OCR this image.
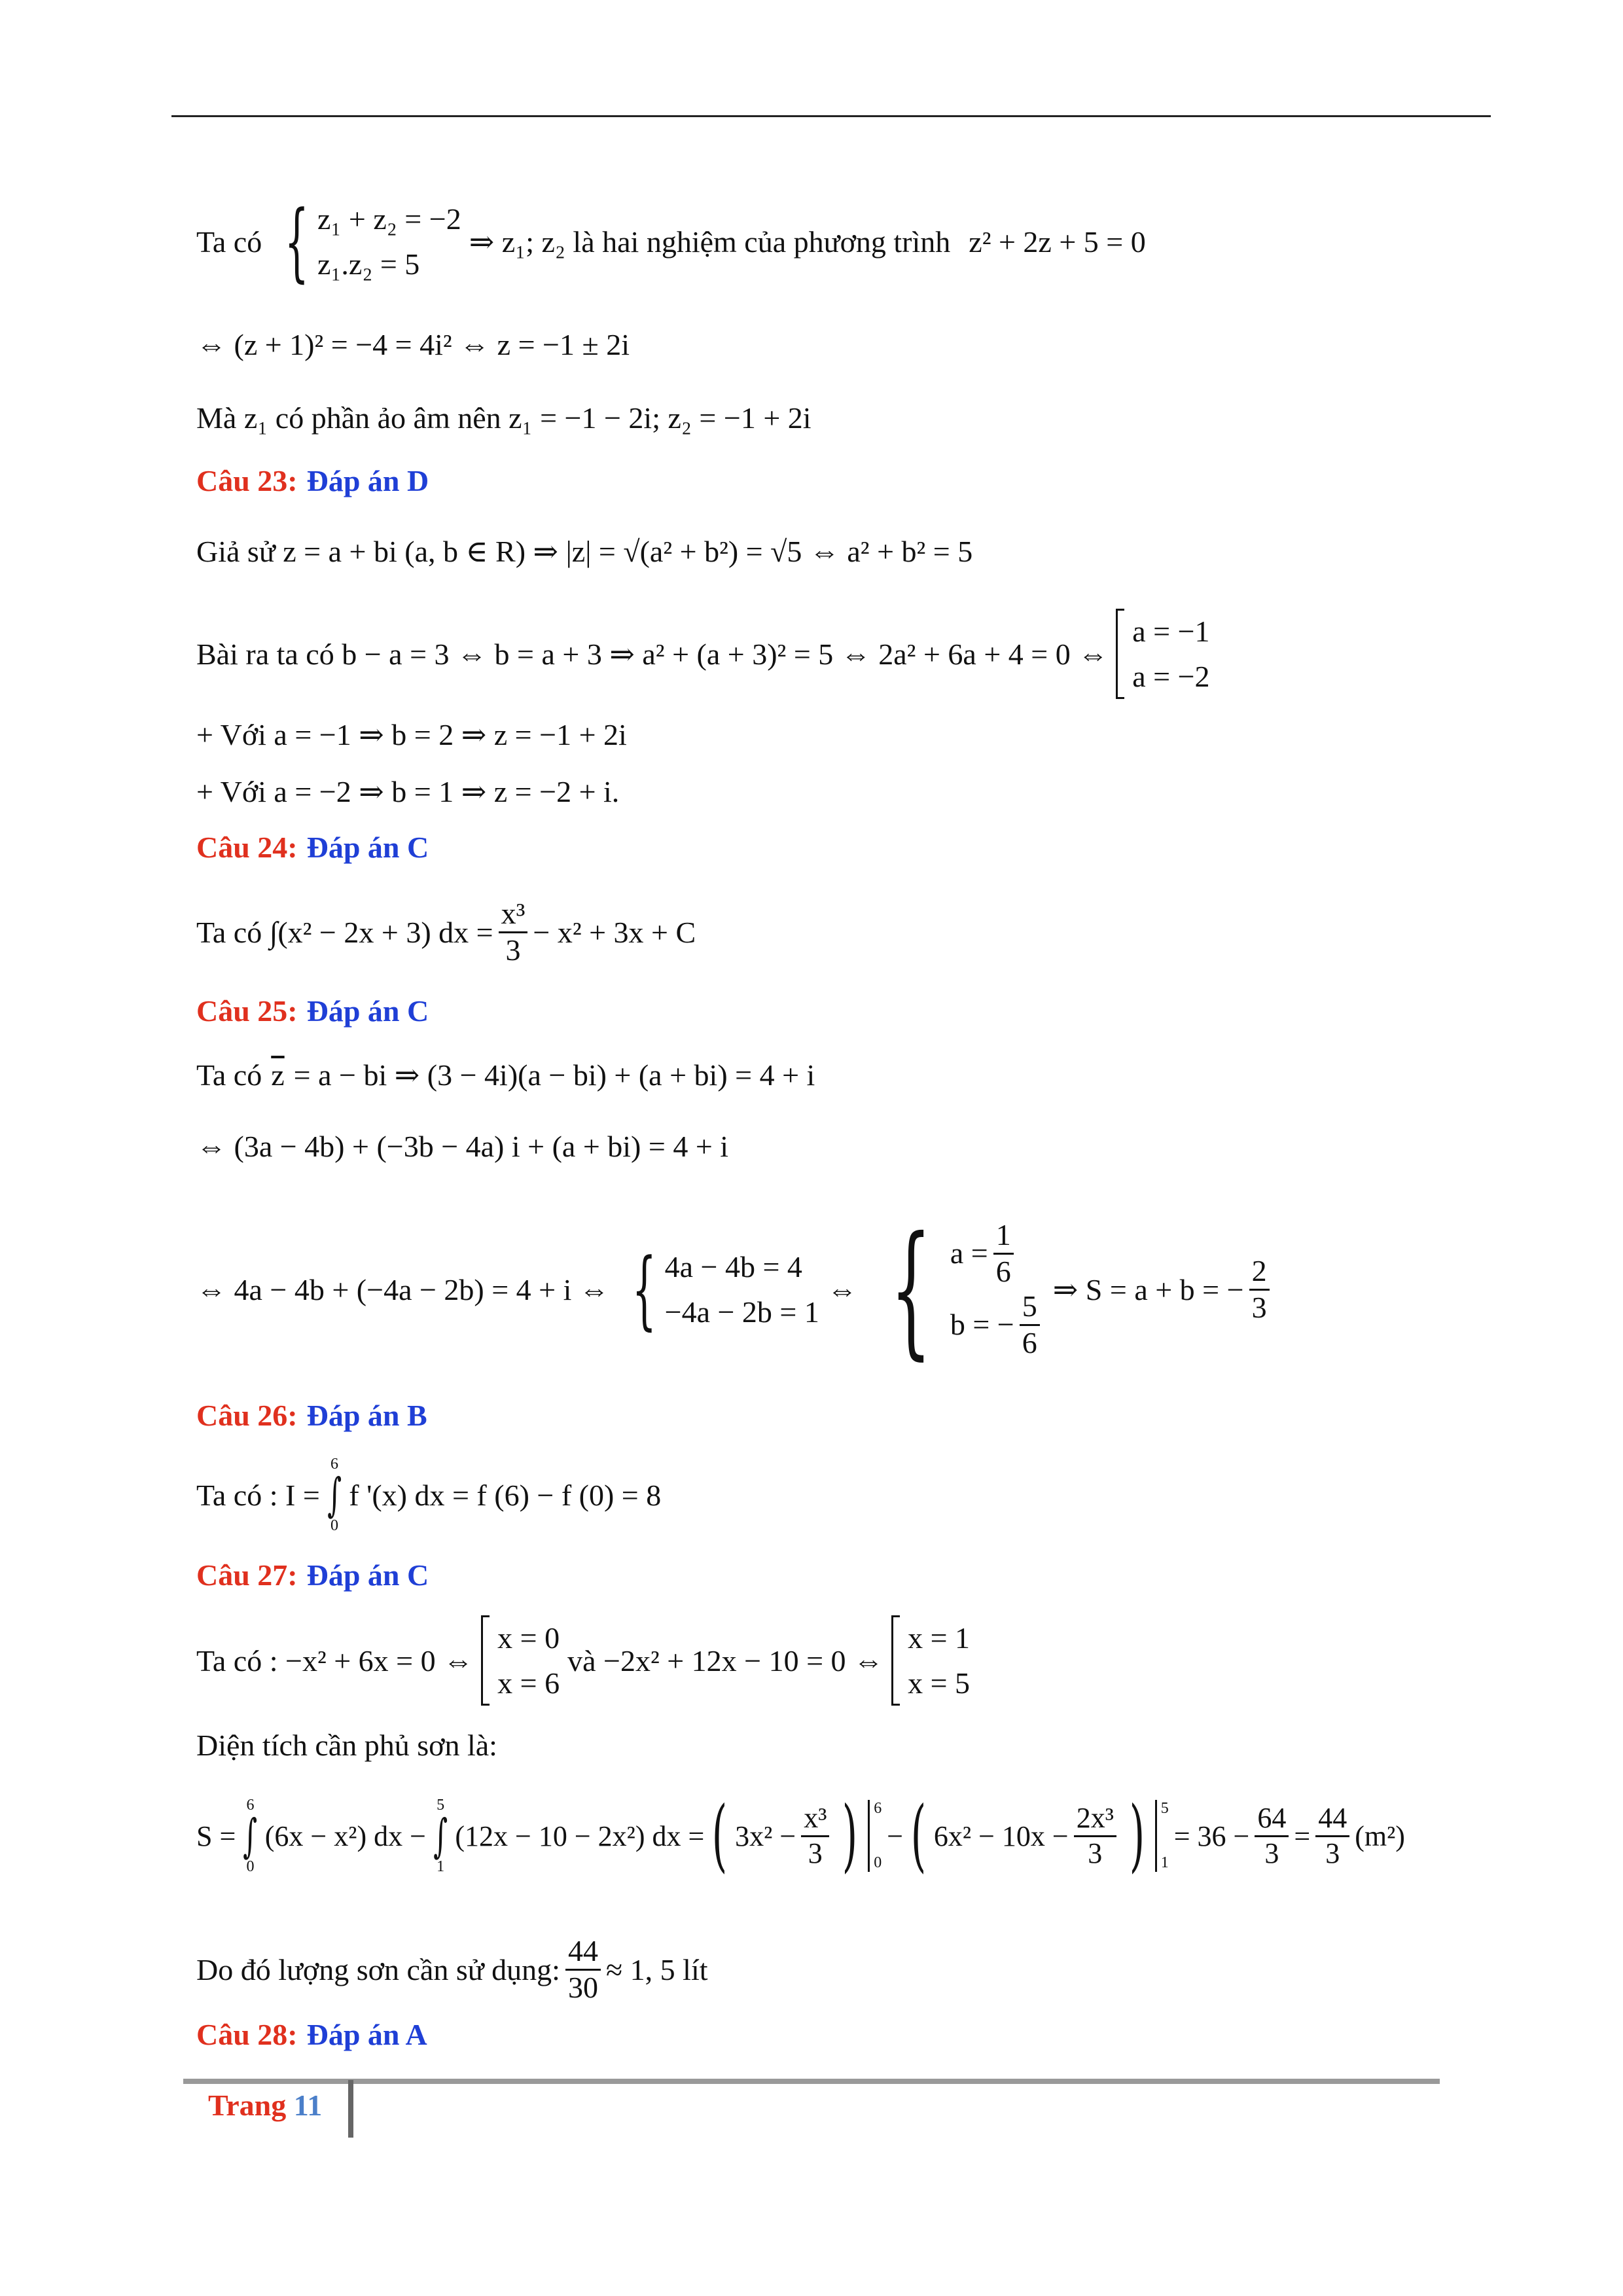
Ta có { z₁ + z₂ = −2
z₁.z₂ = 5
⇒ z₁; z₂ là hai nghiệm của phương trình z² + 2z + 5 = 0
⇔ (z + 1)² = −4 = 4i² ⇔ z = −1 ± 2i
Mà z₁ có phần ảo âm nên z₁ = −1 − 2i; z₂ = −1 + 2i
Câu 23: Đáp án D
Giả sử z = a + bi (a, b ∈ R) ⇒ |z| = √(a² + b²) = √5 ⇔ a² + b² = 5
Bài ra ta có b − a = 3 ⇔ b = a + 3 ⇒ a² + (a + 3)² = 5 ⇔ 2a² + 6a + 4 = 0 ⇔
a = −1
a = −2
+ Với a = −1 ⇒ b = 2 ⇒ z = −1 + 2i
+ Với a = −2 ⇒ b = 1 ⇒ z = −2 + i.
Câu 24: Đáp án C
Ta có ∫(x² − 2x + 3) dx = $\frac{\text{x³}}{3} - x^2 + 3x + C$
Câu 25: Đáp án C
Ta có $\overline{z} = a$ − bi ⇒ (3 − 4i)(a − bi) + (a + bi) = 4 + i
⇔ (3a − 4b) + (−3b − 4a) i + (a + bi) = 4 + i
⇔ 4a − 4b + (−4a − 2b) = 4 + i ⇔ { 4a − 4b = 4
−4a − 2b = 1
⇔ { $a = \frac{1}{6}$
b = − $\frac{5}{6}$ ⇒ S = a + b = − $\frac{2}{3}$
Câu 26: Đáp án B
Ta có : I =
6
∫
0
f '(x) dx = f (6) − f (0) = 8
Câu 27: Đáp án C
Ta có : −x² + 6x = 0 ⇔
x = 0
x = 6
và −2x² + 12x − 10 = 0 ⇔
x = 1
x = 5
Diện tích cần phủ sơn là:
S =
6
∫
0
(6x − x²) dx −
5
∫
1
(12x − 10 − 2x²) dx = ( $3x^2 - \frac{\text{x³}}{3}$ ) 6
0
− ( $6x^2 - 10x - \frac{\text{2x³}}{3}$ ) 5
1
= $36 - \frac{64}{3} = \frac{44}{3} (m^2)$
Do đó lượng sơn cần sử dụng: $\frac{44}{30} \approx 1$, 5 lít
Câu 28: Đáp án A
Trang 11
